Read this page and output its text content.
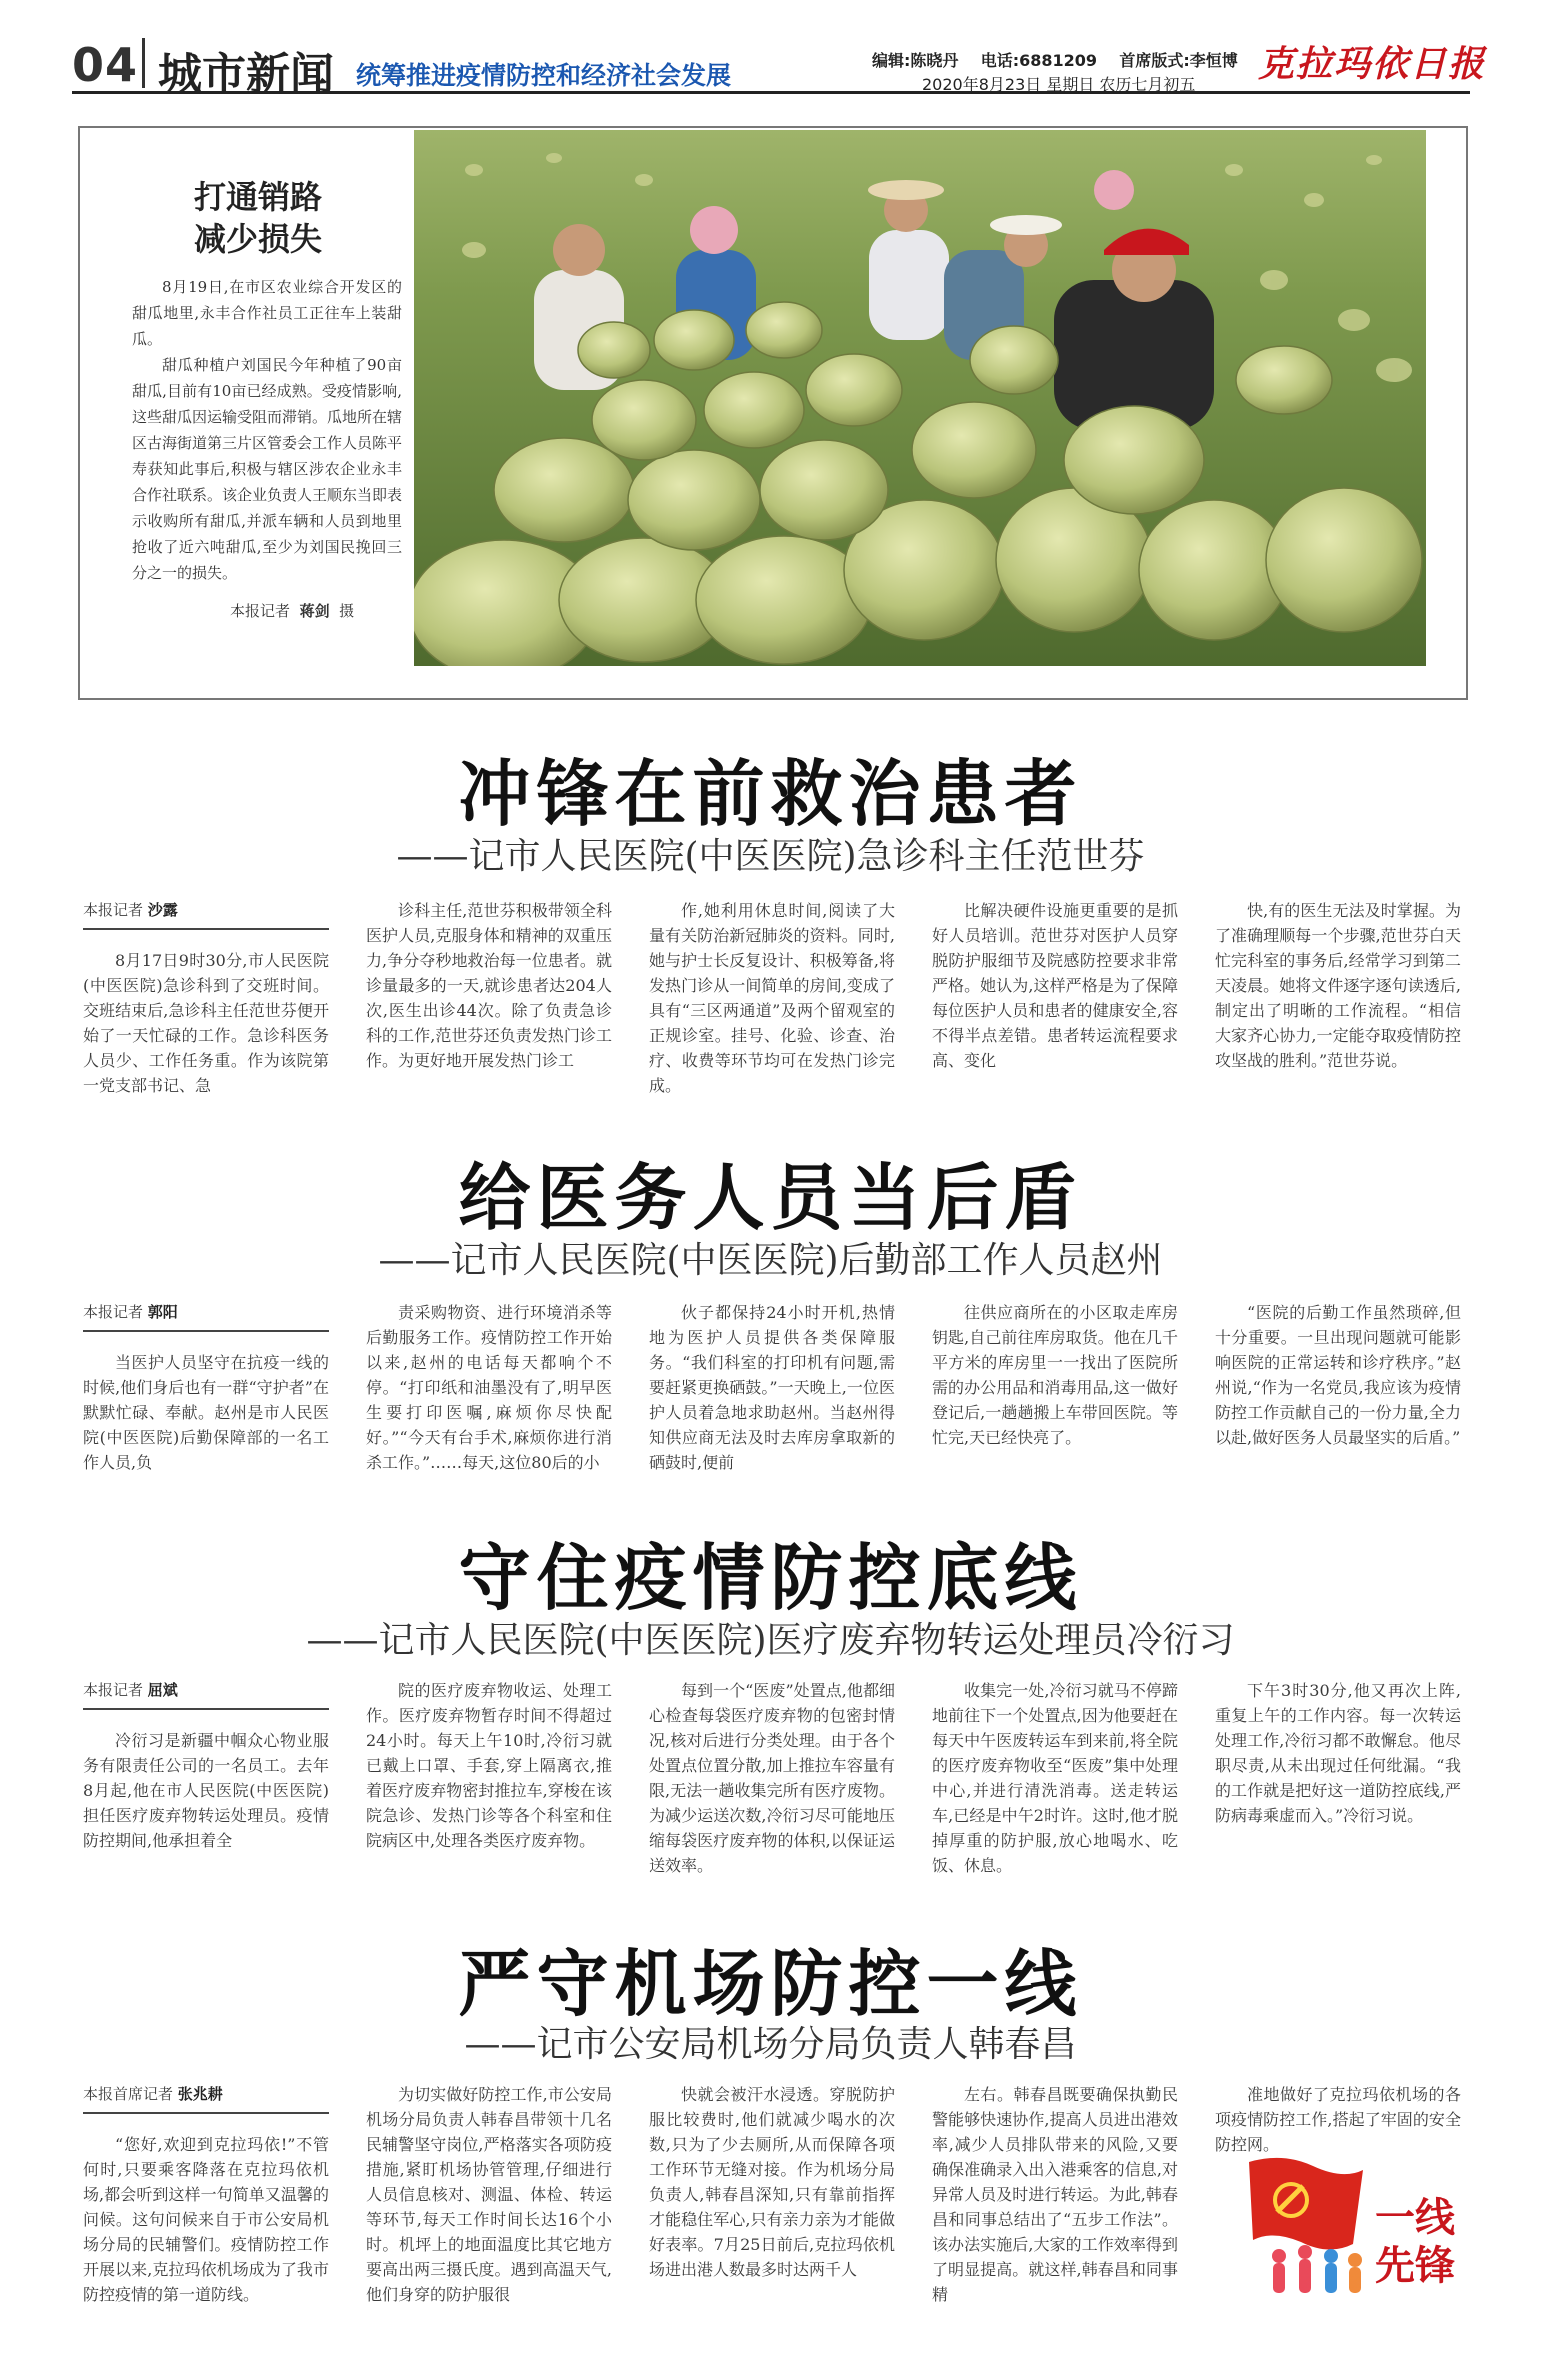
04 城市新闻 统筹推进疫情防控和经济社会发展
编辑:陈晓丹 电话:6881209 首席版式:李恒博
2020年8月23日 星期日 农历七月初五 克拉玛依日报
打通销路
减少损失

8月19日,在市区农业综合开发区的甜瓜地里,永丰合作社员工正往车上装甜瓜。

甜瓜种植户刘国民今年种植了90亩甜瓜,目前有10亩已经成熟。受疫情影响,这些甜瓜因运输受阻而滞销。瓜地所在辖区古海街道第三片区管委会工作人员陈平寿获知此事后,积极与辖区涉农企业永丰合作社联系。该企业负责人王顺东当即表示收购所有甜瓜,并派车辆和人员到地里抢收了近六吨甜瓜,至少为刘国民挽回三分之一的损失。

本报记者 蒋剑 摄
冲锋在前救治患者
——记市人民医院(中医医院)急诊科主任范世芬
本报记者 沙露

8月17日9时30分,市人民医院(中医医院)急诊科到了交班时间。交班结束后,急诊科主任范世芬便开始了一天忙碌的工作。急诊科医务人员少、工作任务重。作为该院第一党支部书记、急

诊科主任,范世芬积极带领全科医护人员,克服身体和精神的双重压力,争分夺秒地救治每一位患者。就诊量最多的一天,就诊患者达204人次,医生出诊44次。除了负责急诊科的工作,范世芬还负责发热门诊工作。为更好地开展发热门诊工

作,她利用休息时间,阅读了大量有关防治新冠肺炎的资料。同时,她与护士长反复设计、积极筹备,将发热门诊从一间简单的房间,变成了具有“三区两通道”及两个留观室的正规诊室。挂号、化验、诊查、治疗、收费等环节均可在发热门诊完成。

比解决硬件设施更重要的是抓好人员培训。范世芬对医护人员穿脱防护服细节及院感防控要求非常严格。她认为,这样严格是为了保障每位医护人员和患者的健康安全,容不得半点差错。患者转运流程要求高、变化

快,有的医生无法及时掌握。为了准确理顺每一个步骤,范世芬白天忙完科室的事务后,经常学习到第二天凌晨。她将文件逐字逐句读透后,制定出了明晰的工作流程。“相信大家齐心协力,一定能夺取疫情防控攻坚战的胜利。”范世芬说。

给医务人员当后盾
——记市人民医院(中医医院)后勤部工作人员赵州
本报记者 郭阳

当医护人员坚守在抗疫一线的时候,他们身后也有一群“守护者”在默默忙碌、奉献。赵州是市人民医院(中医医院)后勤保障部的一名工作人员,负

责采购物资、进行环境消杀等后勤服务工作。疫情防控工作开始以来,赵州的电话每天都响个不停。“打印纸和油墨没有了,明早医生要打印医嘱,麻烦你尽快配好。”“今天有台手术,麻烦你进行消杀工作。”……每天,这位80后的小

伙子都保持24小时开机,热情地为医护人员提供各类保障服务。“我们科室的打印机有问题,需要赶紧更换硒鼓。”一天晚上,一位医护人员着急地求助赵州。当赵州得知供应商无法及时去库房拿取新的硒鼓时,便前

往供应商所在的小区取走库房钥匙,自己前往库房取货。他在几千平方米的库房里一一找出了医院所需的办公用品和消毒用品,这一做好登记后,一趟趟搬上车带回医院。等忙完,天已经快亮了。

“医院的后勤工作虽然琐碎,但十分重要。一旦出现问题就可能影响医院的正常运转和诊疗秩序。”赵州说,“作为一名党员,我应该为疫情防控工作贡献自己的一份力量,全力以赴,做好医务人员最坚实的后盾。”

守住疫情防控底线
——记市人民医院(中医医院)医疗废弃物转运处理员冷衍习
本报记者 屈斌

冷衍习是新疆中帼众心物业服务有限责任公司的一名员工。去年8月起,他在市人民医院(中医医院)担任医疗废弃物转运处理员。疫情防控期间,他承担着全

院的医疗废弃物收运、处理工作。医疗废弃物暂存时间不得超过24小时。每天上午10时,冷衍习就已戴上口罩、手套,穿上隔离衣,推着医疗废弃物密封推拉车,穿梭在该院急诊、发热门诊等各个科室和住院病区中,处理各类医疗废弃物。

每到一个“医废”处置点,他都细心检查每袋医疗废弃物的包密封情况,核对后进行分类处理。由于各个处置点位置分散,加上推拉车容量有限,无法一趟收集完所有医疗废物。为减少运送次数,冷衍习尽可能地压缩每袋医疗废弃物的体积,以保证运送效率。

收集完一处,冷衍习就马不停蹄地前往下一个处置点,因为他要赶在每天中午医废转运车到来前,将全院的医疗废弃物收至“医废”集中处理中心,并进行清洗消毒。送走转运车,已经是中午2时许。这时,他才脱掉厚重的防护服,放心地喝水、吃饭、休息。

下午3时30分,他又再次上阵,重复上午的工作内容。每一次转运处理工作,冷衍习都不敢懈怠。他尽职尽责,从未出现过任何纰漏。“我的工作就是把好这一道防控底线,严防病毒乘虚而入。”冷衍习说。

严守机场防控一线
——记市公安局机场分局负责人韩春昌
本报首席记者 张兆耕

“您好,欢迎到克拉玛依!”不管何时,只要乘客降落在克拉玛依机场,都会听到这样一句简单又温馨的问候。这句问候来自于市公安局机场分局的民辅警们。疫情防控工作开展以来,克拉玛依机场成为了我市防控疫情的第一道防线。

为切实做好防控工作,市公安局机场分局负责人韩春昌带领十几名民辅警坚守岗位,严格落实各项防疫措施,紧盯机场协管管理,仔细进行人员信息核对、测温、体检、转运等环节,每天工作时间长达16个小时。机坪上的地面温度比其它地方要高出两三摄氏度。遇到高温天气,他们身穿的防护服很

快就会被汗水浸透。穿脱防护服比较费时,他们就减少喝水的次数,只为了少去厕所,从而保障各项工作环节无缝对接。作为机场分局负责人,韩春昌深知,只有靠前指挥才能稳住军心,只有亲力亲为才能做好表率。7月25日前后,克拉玛依机场进出港人数最多时达两千人

左右。韩春昌既要确保执勤民警能够快速协作,提高人员进出港效率,减少人员排队带来的风险,又要确保准确录入出入港乘客的信息,对异常人员及时进行转运。为此,韩春昌和同事总结出了“五步工作法”。该办法实施后,大家的工作效率得到了明显提高。就这样,韩春昌和同事精

准地做好了克拉玛依机场的各项疫情防控工作,搭起了牢固的安全防控网。

一线
先锋
